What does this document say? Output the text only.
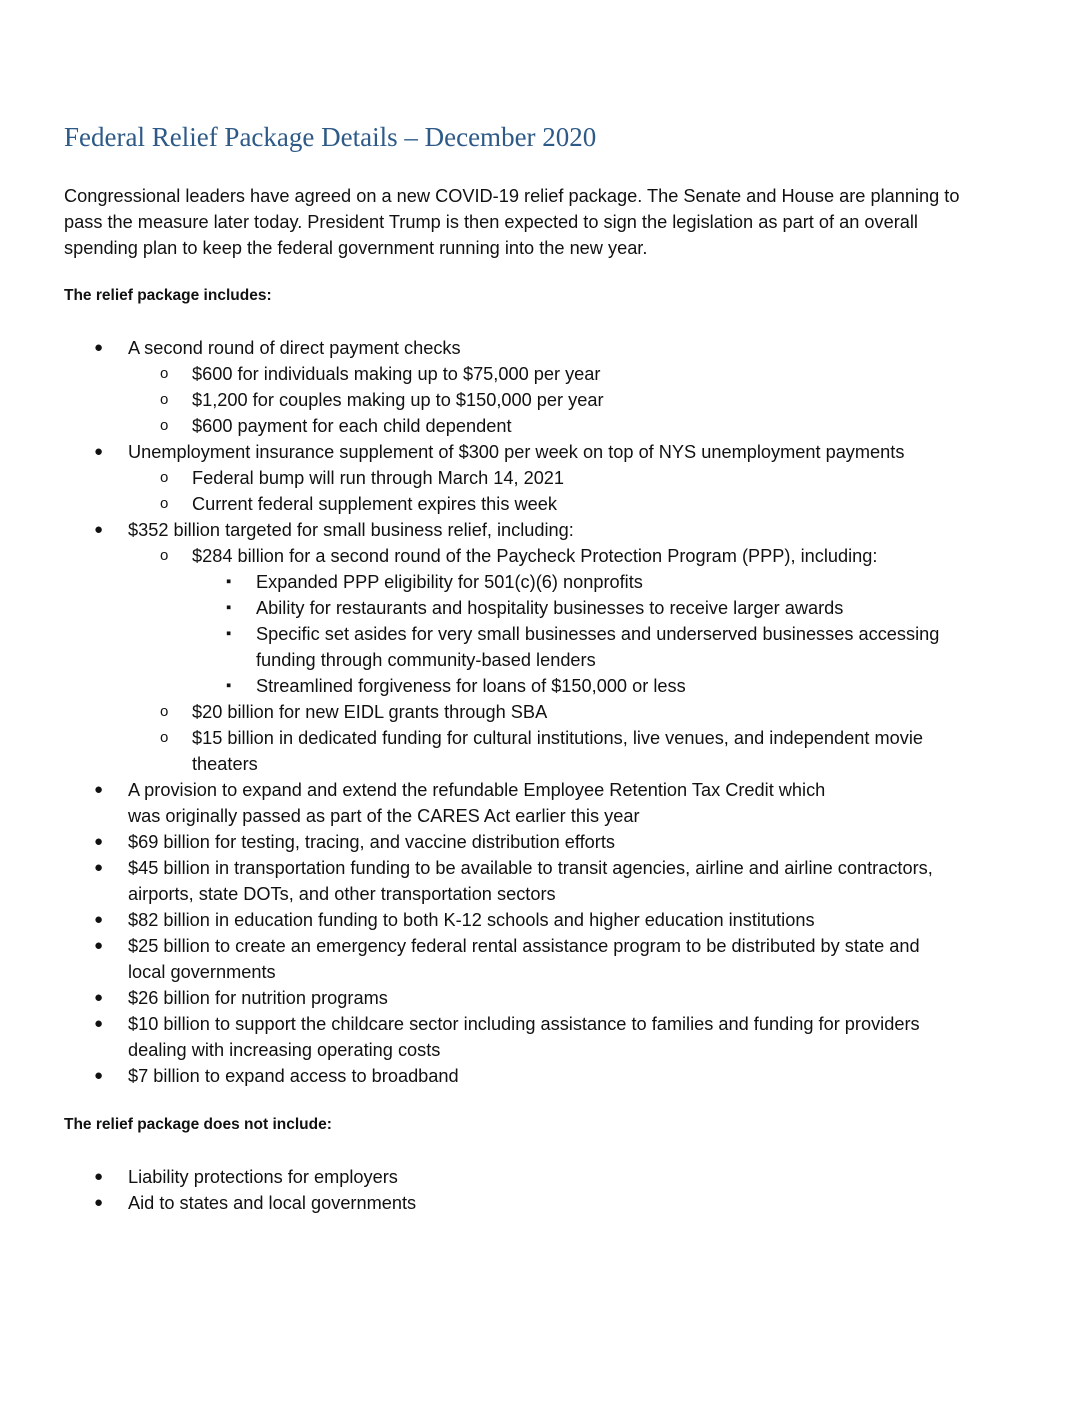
Federal Relief Package Details – December 2020

Congressional leaders have agreed on a new COVID-19 relief package. The Senate and House are planning to
pass the measure later today. President Trump is then expected to sign the legislation as part of an overall
spending plan to keep the federal government running into the new year.

The relief package includes:

● A second round of direct payment checks
o $600 for individuals making up to $75,000 per year
o $1,200 for couples making up to $150,000 per year
o $600 payment for each child dependent
● Unemployment insurance supplement of $300 per week on top of NYS unemployment payments
o Federal bump will run through March 14, 2021
o Current federal supplement expires this week
● $352 billion targeted for small business relief, including:
o $284 billion for a second round of the Paycheck Protection Program (PPP), including:
▪ Expanded PPP eligibility for 501(c)(6) nonprofits
▪ Ability for restaurants and hospitality businesses to receive larger awards
▪ Specific set asides for very small businesses and underserved businesses accessing
funding through community-based lenders
▪ Streamlined forgiveness for loans of $150,000 or less
o $20 billion for new EIDL grants through SBA
o $15 billion in dedicated funding for cultural institutions, live venues, and independent movie
theaters
● A provision to expand and extend the refundable Employee Retention Tax Credit which
was originally passed as part of the CARES Act earlier this year
● $69 billion for testing, tracing, and vaccine distribution efforts
● $45 billion in transportation funding to be available to transit agencies, airline and airline contractors,
airports, state DOTs, and other transportation sectors
● $82 billion in education funding to both K-12 schools and higher education institutions
● $25 billion to create an emergency federal rental assistance program to be distributed by state and
local governments
● $26 billion for nutrition programs
● $10 billion to support the childcare sector including assistance to families and funding for providers
dealing with increasing operating costs
● $7 billion to expand access to broadband

The relief package does not include:

● Liability protections for employers
● Aid to states and local governments
